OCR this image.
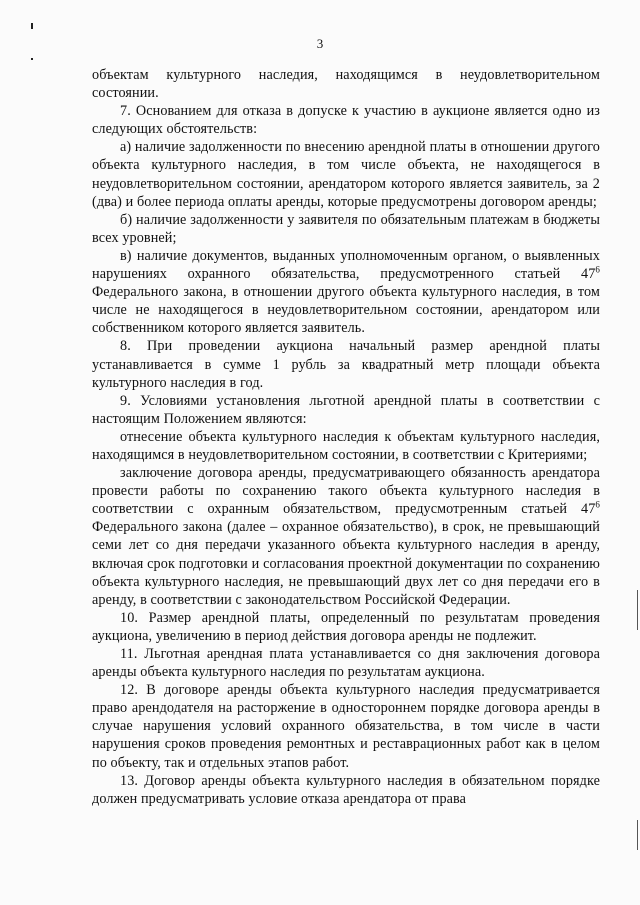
3

объектам культурного наследия, находящимся в неудовлетворительном состоянии.

7. Основанием для отказа в допуске к участию в аукционе является одно из следующих обстоятельств:

а) наличие задолженности по внесению арендной платы в отношении другого объекта культурного наследия, в том числе объекта, не находящегося в неудовлетворительном состоянии, арендатором которого является заявитель, за 2 (два) и более периода оплаты аренды, которые предусмотрены договором аренды;

б) наличие задолженности у заявителя по обязательным платежам в бюджеты всех уровней;

в) наличие документов, выданных уполномоченным органом, о выявленных нарушениях охранного обязательства, предусмотренного статьей $47^6$ Федерального закона, в отношении другого объекта культурного наследия, в том числе не находящегося в неудовлетворительном состоянии, арендатором или собственником которого является заявитель.

8. При проведении аукциона начальный размер арендной платы устанавливается в сумме 1 рубль за квадратный метр площади объекта культурного наследия в год.

9. Условиями установления льготной арендной платы в соответствии с настоящим Положением являются:

отнесение объекта культурного наследия к объектам культурного наследия, находящимся в неудовлетворительном состоянии, в соответствии с Критериями;

заключение договора аренды, предусматривающего обязанность арендатора провести работы по сохранению такого объекта культурного наследия в соответствии с охранным обязательством, предусмотренным статьей $47^6$ Федерального закона (далее – охранное обязательство), в срок, не превышающий семи лет со дня передачи указанного объекта культурного наследия в аренду, включая срок подготовки и согласования проектной документации по сохранению объекта культурного наследия, не превышающий двух лет со дня передачи его в аренду, в соответствии с законодательством Российской Федерации.

10. Размер арендной платы, определенный по результатам проведения аукциона, увеличению в период действия договора аренды не подлежит.

11. Льготная арендная плата устанавливается со дня заключения договора аренды объекта культурного наследия по результатам аукциона.

12. В договоре аренды объекта культурного наследия предусматривается право арендодателя на расторжение в одностороннем порядке договора аренды в случае нарушения условий охранного обязательства, в том числе в части нарушения сроков проведения ремонтных и реставрационных работ как в целом по объекту, так и отдельных этапов работ.

13. Договор аренды объекта культурного наследия в обязательном порядке должен предусматривать условие отказа арендатора от права
